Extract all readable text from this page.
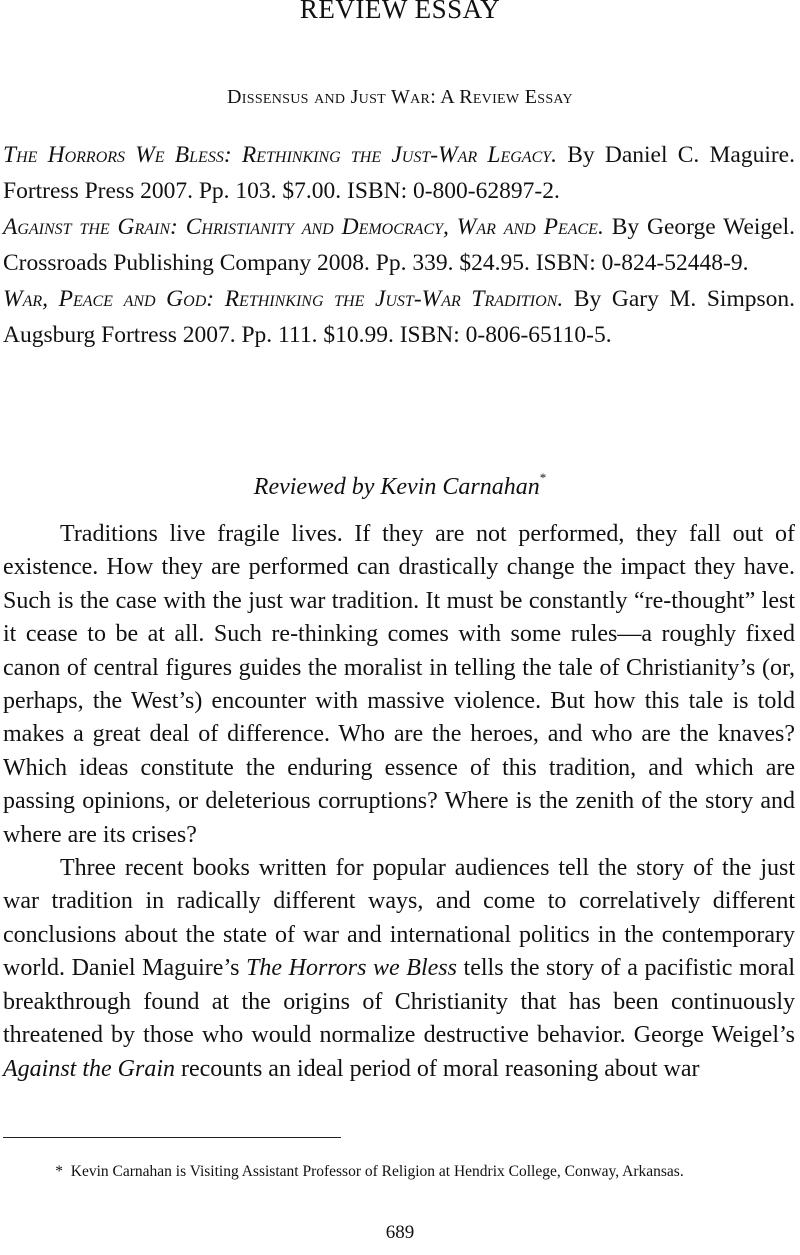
REVIEW ESSAY
Dissensus and Just War: A Review Essay

The Horrors We Bless: Rethinking the Just-War Legacy. By Daniel C. Maguire. Fortress Press 2007. Pp. 103. $7.00. ISBN: 0-800-62897-2.

Against the Grain: Christianity and Democracy, War and Peace. By George Weigel. Crossroads Publishing Company 2008. Pp. 339. $24.95. ISBN: 0-824-52448-9.

War, Peace and God: Rethinking the Just-War Tradition. By Gary M. Simpson. Augsburg Fortress 2007. Pp. 111. $10.99. ISBN: 0-806-65110-5.

Reviewed by Kevin Carnahan*

Traditions live fragile lives. If they are not performed, they fall out of existence. How they are performed can drastically change the impact they have. Such is the case with the just war tradition. It must be constantly “re-thought” lest it cease to be at all. Such re-thinking comes with some rules—a roughly fixed canon of central figures guides the moralist in telling the tale of Christianity’s (or, perhaps, the West’s) encounter with massive violence. But how this tale is told makes a great deal of difference. Who are the heroes, and who are the knaves? Which ideas constitute the enduring essence of this tradition, and which are passing opinions, or deleterious corruptions? Where is the zenith of the story and where are its crises?

Three recent books written for popular audiences tell the story of the just war tradition in radically different ways, and come to correlatively different conclusions about the state of war and international politics in the contemporary world. Daniel Maguire’s The Horrors we Bless tells the story of a pacifistic moral breakthrough found at the origins of Christianity that has been continuously threatened by those who would normalize destructive behavior. George Weigel’s Against the Grain recounts an ideal period of moral reasoning about war

* Kevin Carnahan is Visiting Assistant Professor of Religion at Hendrix College, Conway, Arkansas.
689
